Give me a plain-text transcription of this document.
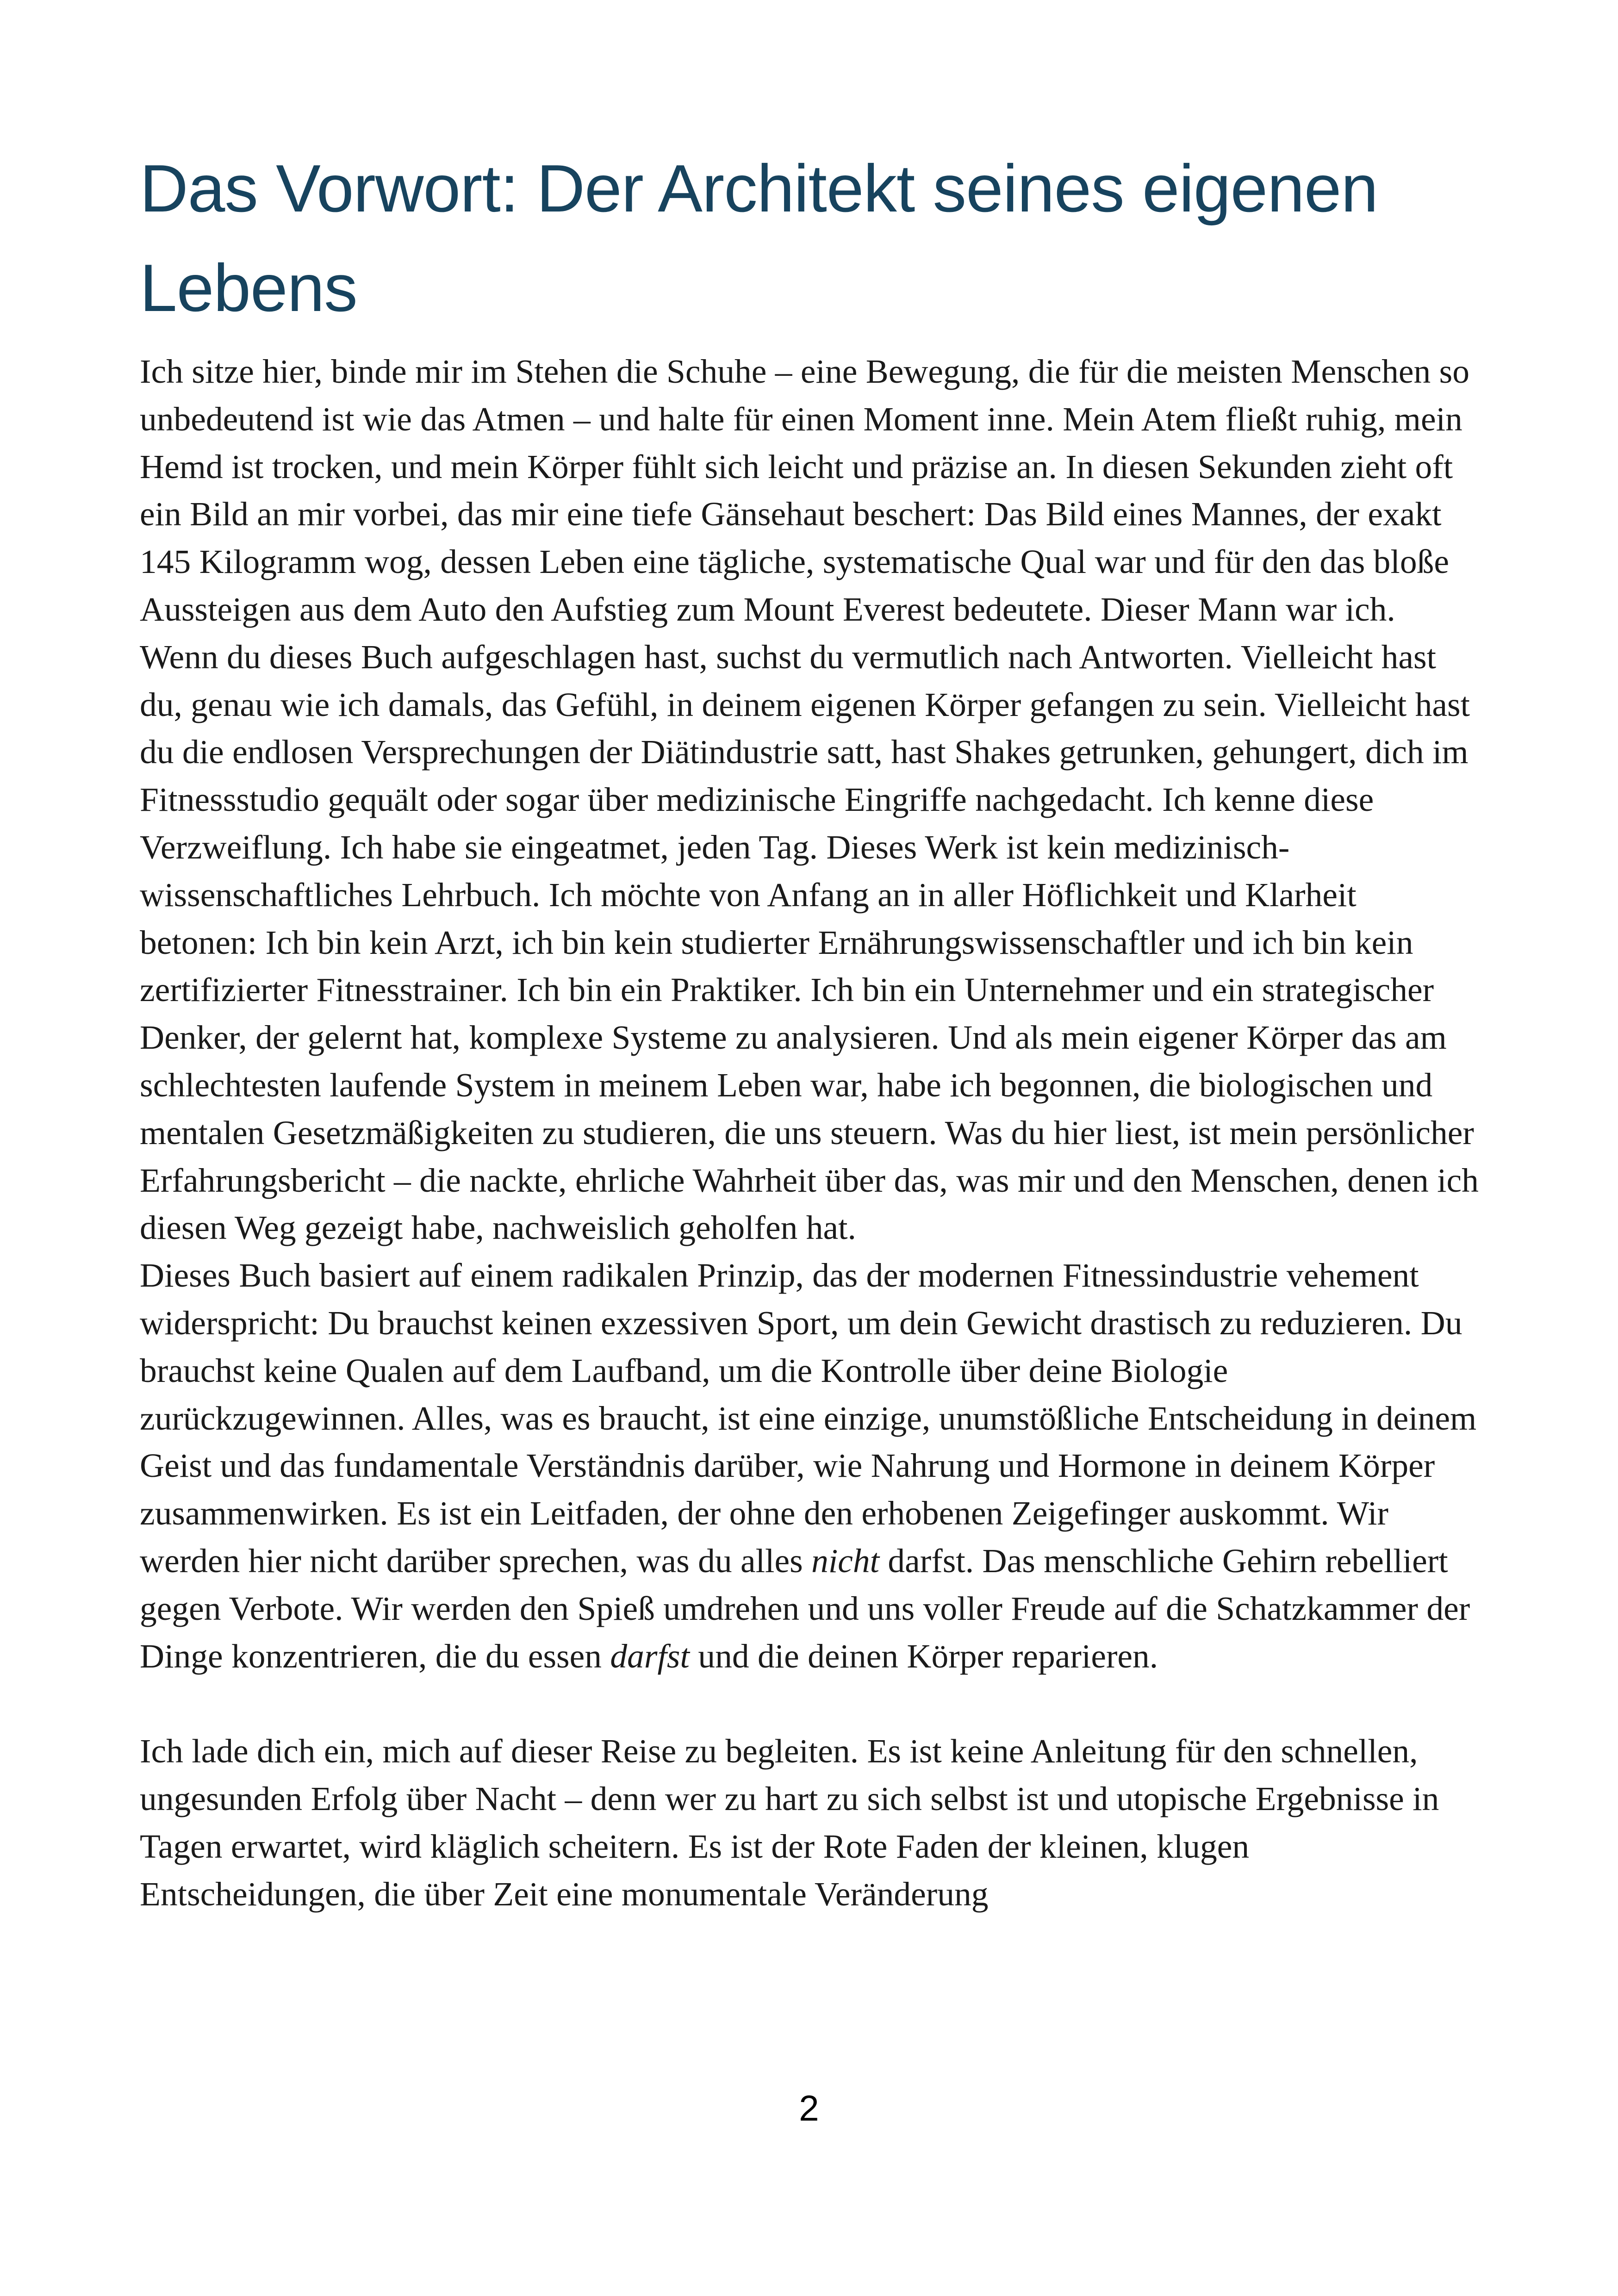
Das Vorwort: Der Architekt seines eigenen Lebens

Ich sitze hier, binde mir im Stehen die Schuhe – eine Bewegung, die für die meisten Menschen so unbedeutend ist wie das Atmen – und halte für einen Moment inne. Mein Atem fließt ruhig, mein Hemd ist trocken, und mein Körper fühlt sich leicht und präzise an. In diesen Sekunden zieht oft ein Bild an mir vorbei, das mir eine tiefe Gänsehaut beschert: Das Bild eines Mannes, der exakt 145 Kilogramm wog, dessen Leben eine tägliche, systematische Qual war und für den das bloße Aussteigen aus dem Auto den Aufstieg zum Mount Everest bedeutete. Dieser Mann war ich.

Wenn du dieses Buch aufgeschlagen hast, suchst du vermutlich nach Antworten. Vielleicht hast du, genau wie ich damals, das Gefühl, in deinem eigenen Körper gefangen zu sein. Vielleicht hast du die endlosen Versprechungen der Diätindustrie satt, hast Shakes getrunken, gehungert, dich im Fitnessstudio gequält oder sogar über medizinische Eingriffe nachgedacht. Ich kenne diese Verzweiflung. Ich habe sie eingeatmet, jeden Tag. Dieses Werk ist kein medizinisch-wissenschaftliches Lehrbuch. Ich möchte von Anfang an in aller Höflichkeit und Klarheit betonen: Ich bin kein Arzt, ich bin kein studierter Ernährungswissenschaftler und ich bin kein zertifizierter Fitnesstrainer. Ich bin ein Praktiker. Ich bin ein Unternehmer und ein strategischer Denker, der gelernt hat, komplexe Systeme zu analysieren. Und als mein eigener Körper das am schlechtesten laufende System in meinem Leben war, habe ich begonnen, die biologischen und mentalen Gesetzmäßigkeiten zu studieren, die uns steuern. Was du hier liest, ist mein persönlicher Erfahrungsbericht – die nackte, ehrliche Wahrheit über das, was mir und den Menschen, denen ich diesen Weg gezeigt habe, nachweislich geholfen hat.

Dieses Buch basiert auf einem radikalen Prinzip, das der modernen Fitnessindustrie vehement widerspricht: Du brauchst keinen exzessiven Sport, um dein Gewicht drastisch zu reduzieren. Du brauchst keine Qualen auf dem Laufband, um die Kontrolle über deine Biologie zurückzugewinnen. Alles, was es braucht, ist eine einzige, unumstößliche Entscheidung in deinem Geist und das fundamentale Verständnis darüber, wie Nahrung und Hormone in deinem Körper zusammenwirken. Es ist ein Leitfaden, der ohne den erhobenen Zeigefinger auskommt. Wir werden hier nicht darüber sprechen, was du alles nicht darfst. Das menschliche Gehirn rebelliert gegen Verbote. Wir werden den Spieß umdrehen und uns voller Freude auf die Schatzkammer der Dinge konzentrieren, die du essen darfst und die deinen Körper reparieren.

Ich lade dich ein, mich auf dieser Reise zu begleiten. Es ist keine Anleitung für den schnellen, ungesunden Erfolg über Nacht – denn wer zu hart zu sich selbst ist und utopische Ergebnisse in Tagen erwartet, wird kläglich scheitern. Es ist der Rote Faden der kleinen, klugen Entscheidungen, die über Zeit eine monumentale Veränderung

2
